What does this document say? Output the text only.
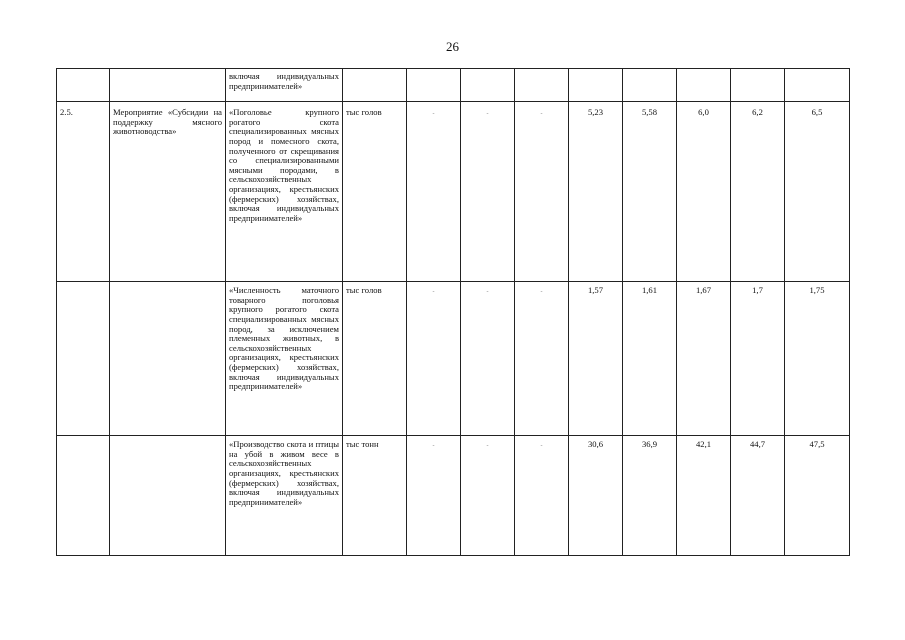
26
		включая индивидуальных предпринимателей»									
2.5.	Мероприятие «Субсидии на поддержку мясного животноводства»	«Поголовье крупного рогатого скота специализированных мясных пород и помесного скота, полученного от скрещивания со специализированными мясными породами, в сельскохозяйственных организациях, крестьянских (фермерских) хозяйствах, включая индивидуальных предпринимателей»	тыс голов	-	-	-	5,23	5,58	6,0	6,2	6,5
		«Численность маточного товарного поголовья крупного рогатого скота специализированных мясных пород, за исключением племенных животных, в сельскохозяйственных организациях, крестьянских (фермерских) хозяйствах, включая индивидуальных предпринимателей»	тыс голов	-	-	-	1,57	1,61	1,67	1,7	1,75
		«Производство скота и птицы на убой в живом весе в сельскохозяйственных организациях, крестьянских (фермерских) хозяйствах, включая индивидуальных предпринимателей»	тыс тонн	-	-	-	30,6	36,9	42,1	44,7	47,5
